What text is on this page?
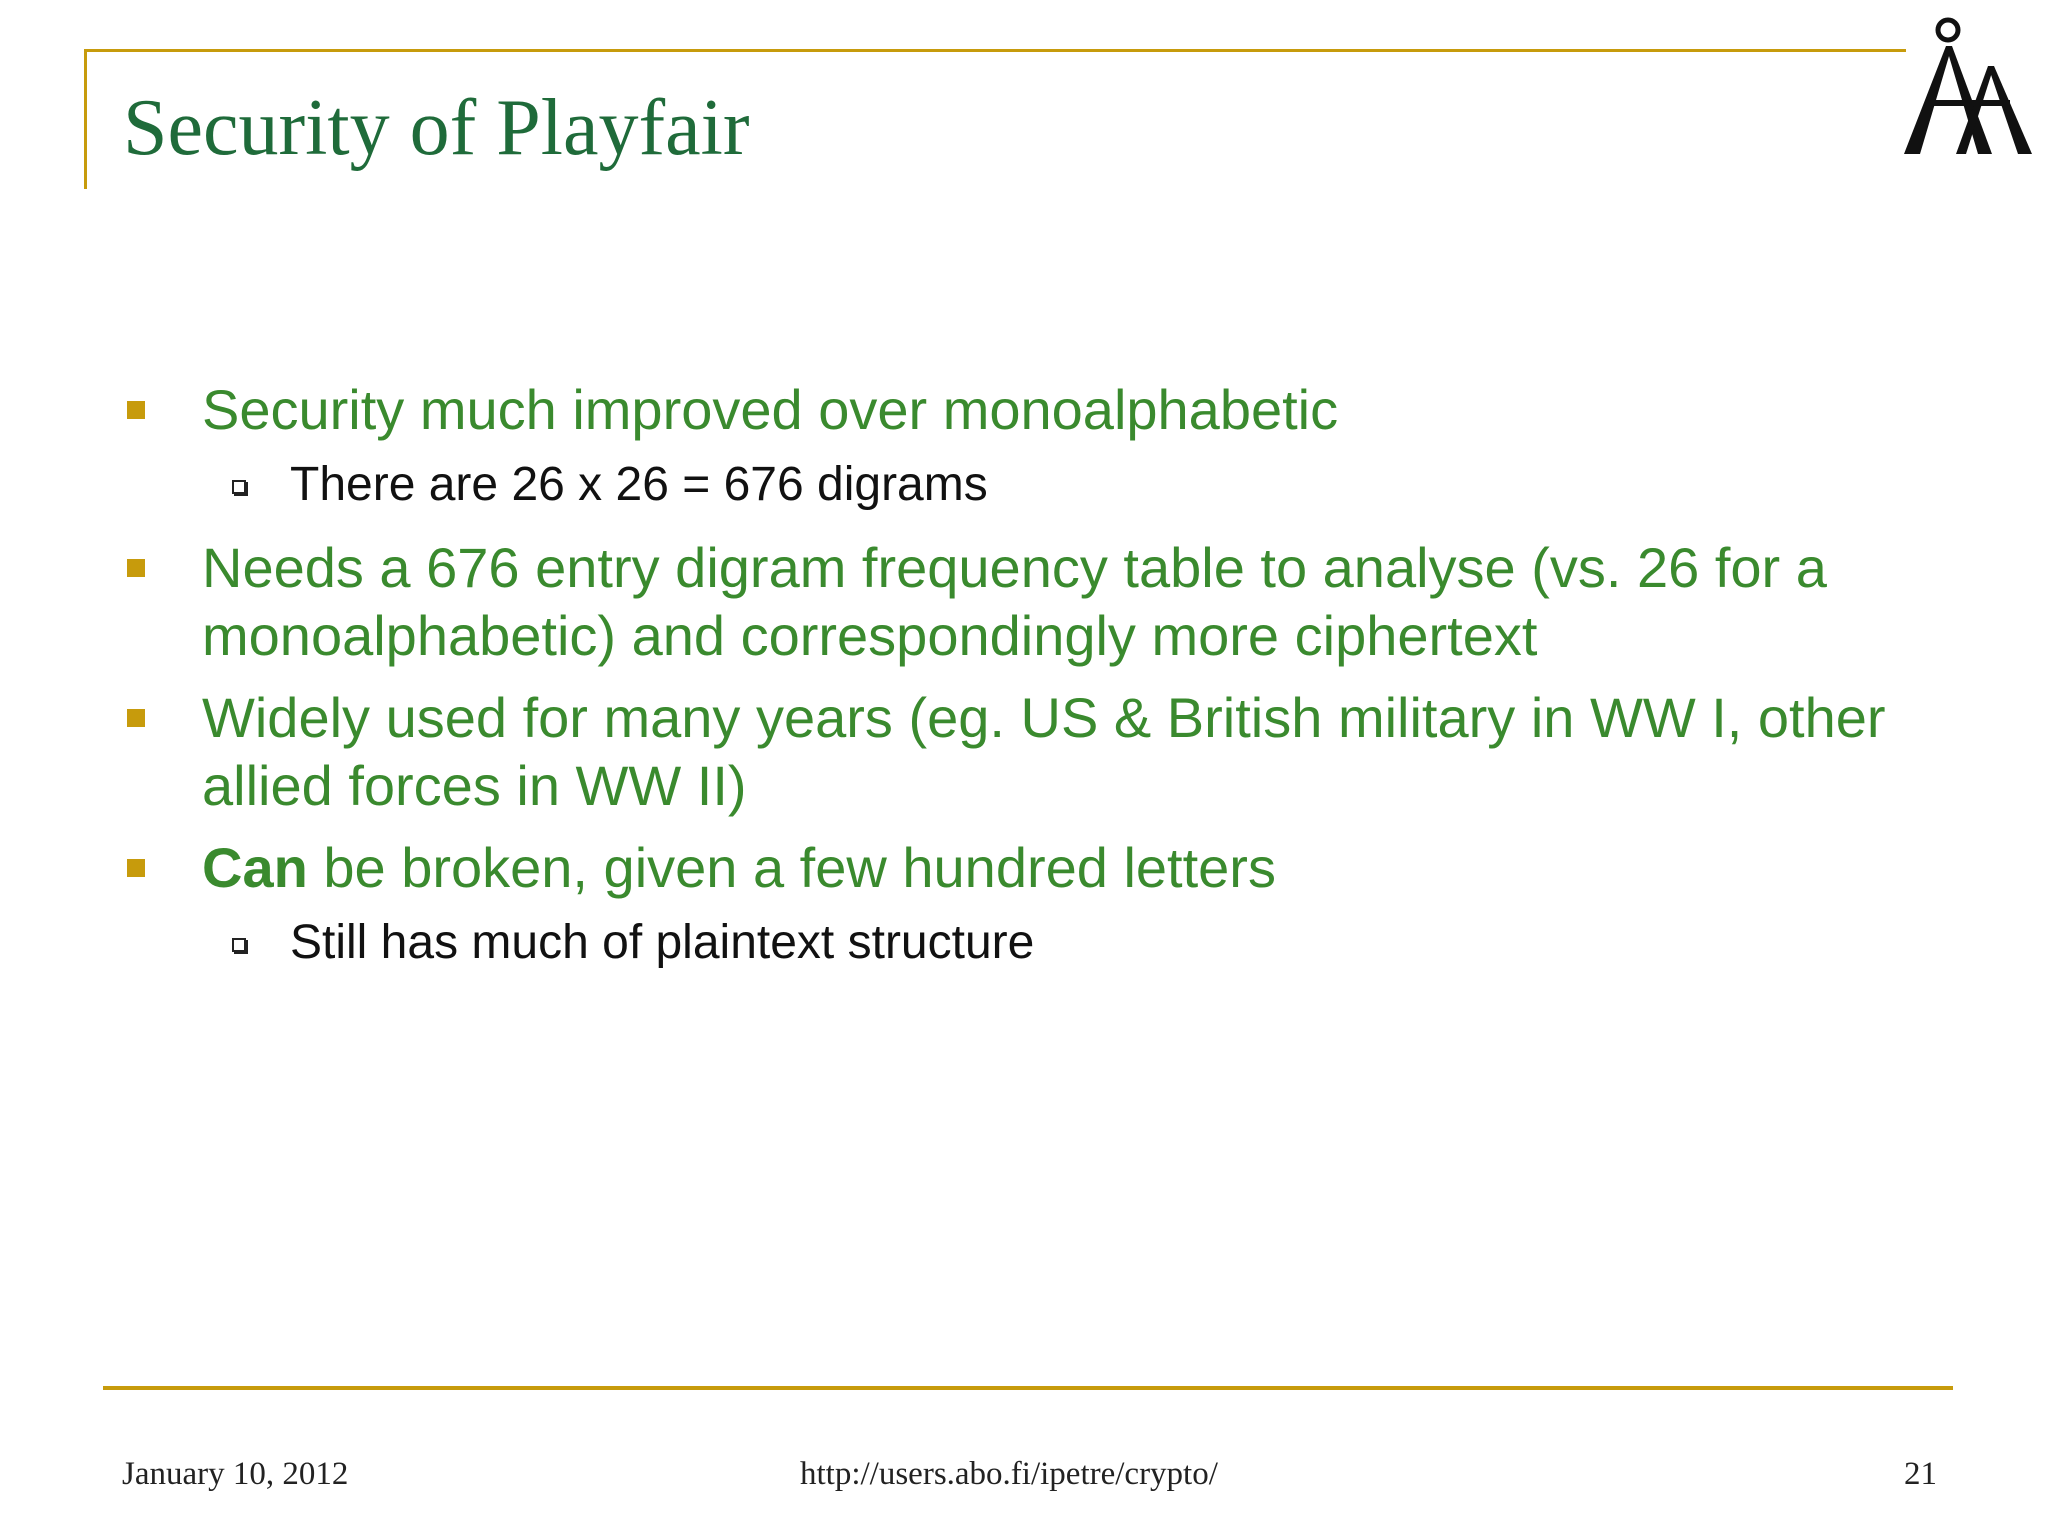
Security of Playfair
Security much improved over monoalphabetic
There are 26 x 26 = 676 digrams
Needs a 676 entry digram frequency table to analyse (vs. 26 for a
monoalphabetic) and correspondingly more ciphertext
Widely used for many years (eg. US & British military in WW I, other
allied forces in WW II)
Can be broken, given a few hundred letters
Still has much of plaintext structure
January 10, 2012	http://users.abo.fi/ipetre/crypto/	21
